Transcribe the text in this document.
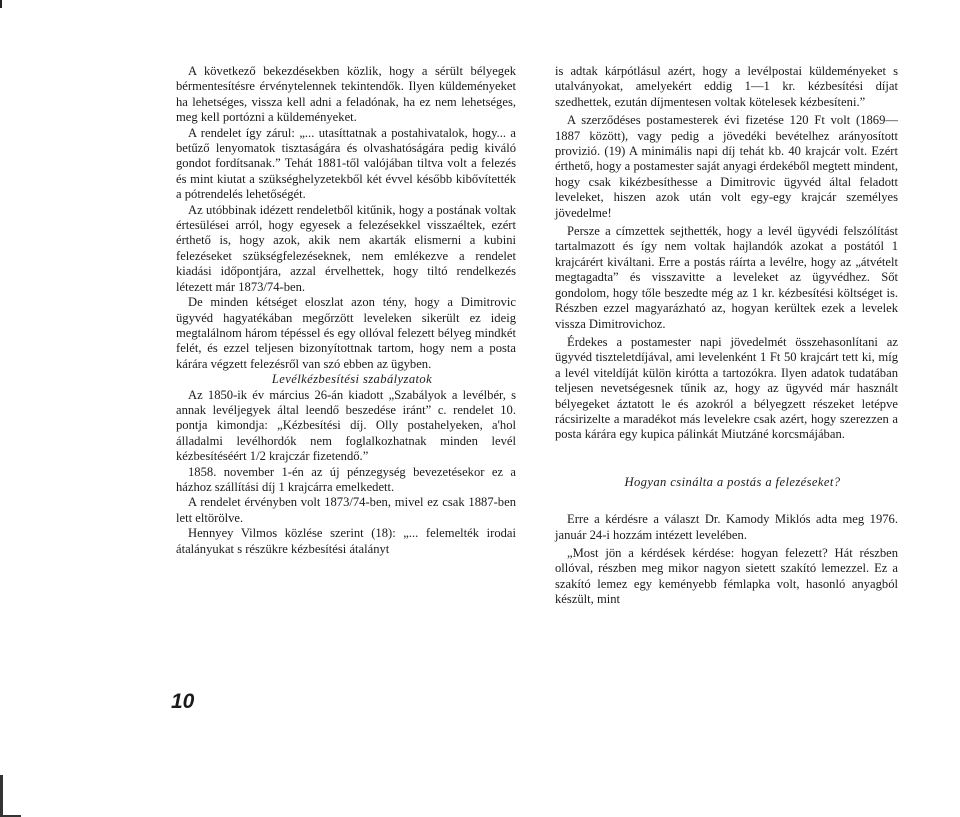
A következő bekezdésekben közlik, hogy a sérült bélyegek bérmentesítésre érvénytelennek tekintendők. Ilyen küldeményeket ha lehetséges, vissza kell adni a feladónak, ha ez nem lehetséges, meg kell portózni a küldeményeket.

A rendelet így zárul: „... utasíttatnak a postahivatalok, hogy... a betűző lenyomatok tisztaságára és olvashatóságára pedig kiváló gondot fordítsanak.” Tehát 1881-től valójában tiltva volt a felezés és mint kiutat a szükséghelyzetekből két évvel később kibővítették a pótrendelés lehetőségét.

Az utóbbinak idézett rendeletből kitűnik, hogy a postának voltak értesülései arról, hogy egyesek a felezésekkel visszaéltek, ezért érthető is, hogy azok, akik nem akarták elismerni a kubini felezéseket szükségfelezéseknek, nem emlékezve a rendelet kiadási időpontjára, azzal érvelhettek, hogy tiltó rendelkezés létezett már 1873/74-ben.

De minden kétséget eloszlat azon tény, hogy a Dimitrovic ügyvéd hagyatékában megőrzött leveleken sikerült ez ideig megtalálnom három tépéssel és egy ollóval felezett bélyeg mindkét felét, és ezzel teljesen bizonyítottnak tartom, hogy nem a posta kárára végzett felezésről van szó ebben az ügyben.

Levélkézbesítési szabályzatok

Az 1850-ik év március 26-án kiadott „Szabályok a levélbér, s annak levéljegyek által leendő beszedése iránt” c. rendelet 10. pontja kimondja: „Kézbesítési díj. Olly postahelyeken, a'hol álladalmi levélhordók nem foglalkozhatnak minden levél kézbesítéséért 1/2 krajczár fizetendő.”

1858. november 1-én az új pénzegység bevezetésekor ez a házhoz szállítási díj 1 krajcárra emelkedett.

A rendelet érvényben volt 1873/74-ben, mivel ez csak 1887-ben lett eltörölve.

Hennyey Vilmos közlése szerint (18): „... felemelték irodai átalányukat s részükre kézbesítési átalányt

is adtak kárpótlásul azért, hogy a levélpostai küldeményeket s utalványokat, amelyekért eddig 1—1 kr. kézbesítési díjat szedhettek, ezután díjmentesen voltak kötelesek kézbesíteni.”

A szerződéses postamesterek évi fizetése 120 Ft volt (1869—1887 között), vagy pedig a jövedéki bevételhez arányosított provizió. (19) A minimális napi díj tehát kb. 40 krajcár volt. Ezért érthető, hogy a postamester saját anyagi érdekéből megtett mindent, hogy csak kikézbesíthesse a Dimitrovic ügyvéd által feladott leveleket, hiszen azok után volt egy-egy krajcár személyes jövedelme!

Persze a címzettek sejthették, hogy a levél ügyvédi felszólítást tartalmazott és így nem voltak hajlandók azokat a postától 1 krajcárért kiváltani. Erre a postás ráírta a levélre, hogy az „átvételt megtagadta” és visszavitte a leveleket az ügyvédhez. Sőt gondolom, hogy tőle beszedte még az 1 kr. kézbesítési költséget is. Részben ezzel magyarázható az, hogyan kerültek ezek a levelek vissza Dimitrovichoz.

Érdekes a postamester napi jövedelmét összehasonlítani az ügyvéd tiszteletdíjával, ami levelenként 1 Ft 50 krajcárt tett ki, míg a levél viteldíját külön kiróttа a tartozókra. Ilyen adatok tudatában teljesen nevetségesnek tűnik az, hogy az ügyvéd már használt bélyegeket áztatott le és azokról a bélyegzett részeket letépve rácsirizelte a maradékot más levelekre csak azért, hogy szerezzen a posta kárára egy kupica pálinkát Miutzáné korcsmájában.

Hogyan csinálta a postás a felezéseket?

Erre a kérdésre a választ Dr. Kamody Miklós adta meg 1976. január 24-i hozzám intézett levelében.

„Most jön a kérdések kérdése: hogyan felezett? Hát részben ollóval, részben meg mikor nagyon sietett szakító lemezzel. Ez a szakító lemez egy keményebb fémlapka volt, hasonló anyagból készült, mint

10
